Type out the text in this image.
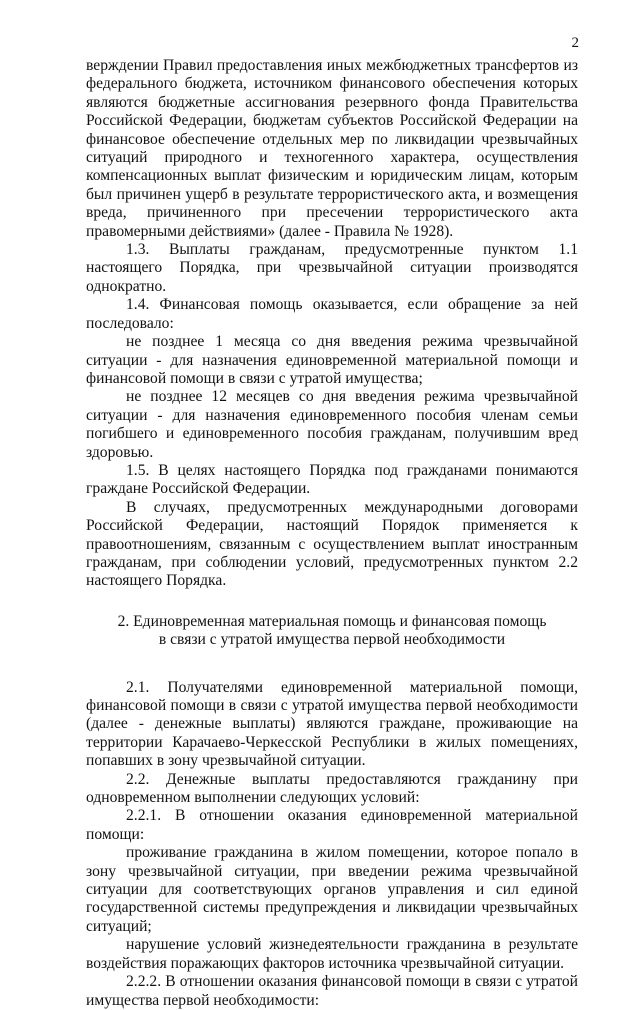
2

верждении Правил предоставления иных межбюджетных трансфертов из федерального бюджета, источником финансового обеспечения которых являются бюджетные ассигнования резервного фонда Правительства Российской Федерации, бюджетам субъектов Российской Федерации на финансовое обеспечение отдельных мер по ликвидации чрезвычайных ситуаций природного и техногенного характера, осуществления компенсационных выплат физическим и юридическим лицам, которым был причинен ущерб в результате террористического акта, и возмещения вреда, причиненного при пресечении террористического акта правомерными действиями» (далее - Правила № 1928).

1.3. Выплаты гражданам, предусмотренные пунктом 1.1 настоящего Порядка, при чрезвычайной ситуации производятся однократно.

1.4. Финансовая помощь оказывается, если обращение за ней последовало:

не позднее 1 месяца со дня введения режима чрезвычайной ситуации - для назначения единовременной материальной помощи и финансовой помощи в связи с утратой имущества;

не позднее 12 месяцев со дня введения режима чрезвычайной ситуации - для назначения единовременного пособия членам семьи погибшего и единовременного пособия гражданам, получившим вред здоровью.

1.5. В целях настоящего Порядка под гражданами понимаются граждане Российской Федерации.

В случаях, предусмотренных международными договорами Российской Федерации, настоящий Порядок применяется к правоотношениям, связанным с осуществлением выплат иностранным гражданам, при соблюдении условий, предусмотренных пунктом 2.2 настоящего Порядка.

2. Единовременная материальная помощь и финансовая помощь
в связи с утратой имущества первой необходимости

2.1. Получателями единовременной материальной помощи, финансовой помощи в связи с утратой имущества первой необходимости (далее - денежные выплаты) являются граждане, проживающие на территории Карачаево-Черкесской Республики в жилых помещениях, попавших в зону чрезвычайной ситуации.

2.2. Денежные выплаты предоставляются гражданину при одновременном выполнении следующих условий:

2.2.1. В отношении оказания единовременной материальной помощи:

проживание гражданина в жилом помещении, которое попало в зону чрезвычайной ситуации, при введении режима чрезвычайной ситуации для соответствующих органов управления и сил единой государственной системы предупреждения и ликвидации чрезвычайных ситуаций;

нарушение условий жизнедеятельности гражданина в результате воздействия поражающих факторов источника чрезвычайной ситуации.

2.2.2. В отношении оказания финансовой помощи в связи с утратой имущества первой необходимости:
